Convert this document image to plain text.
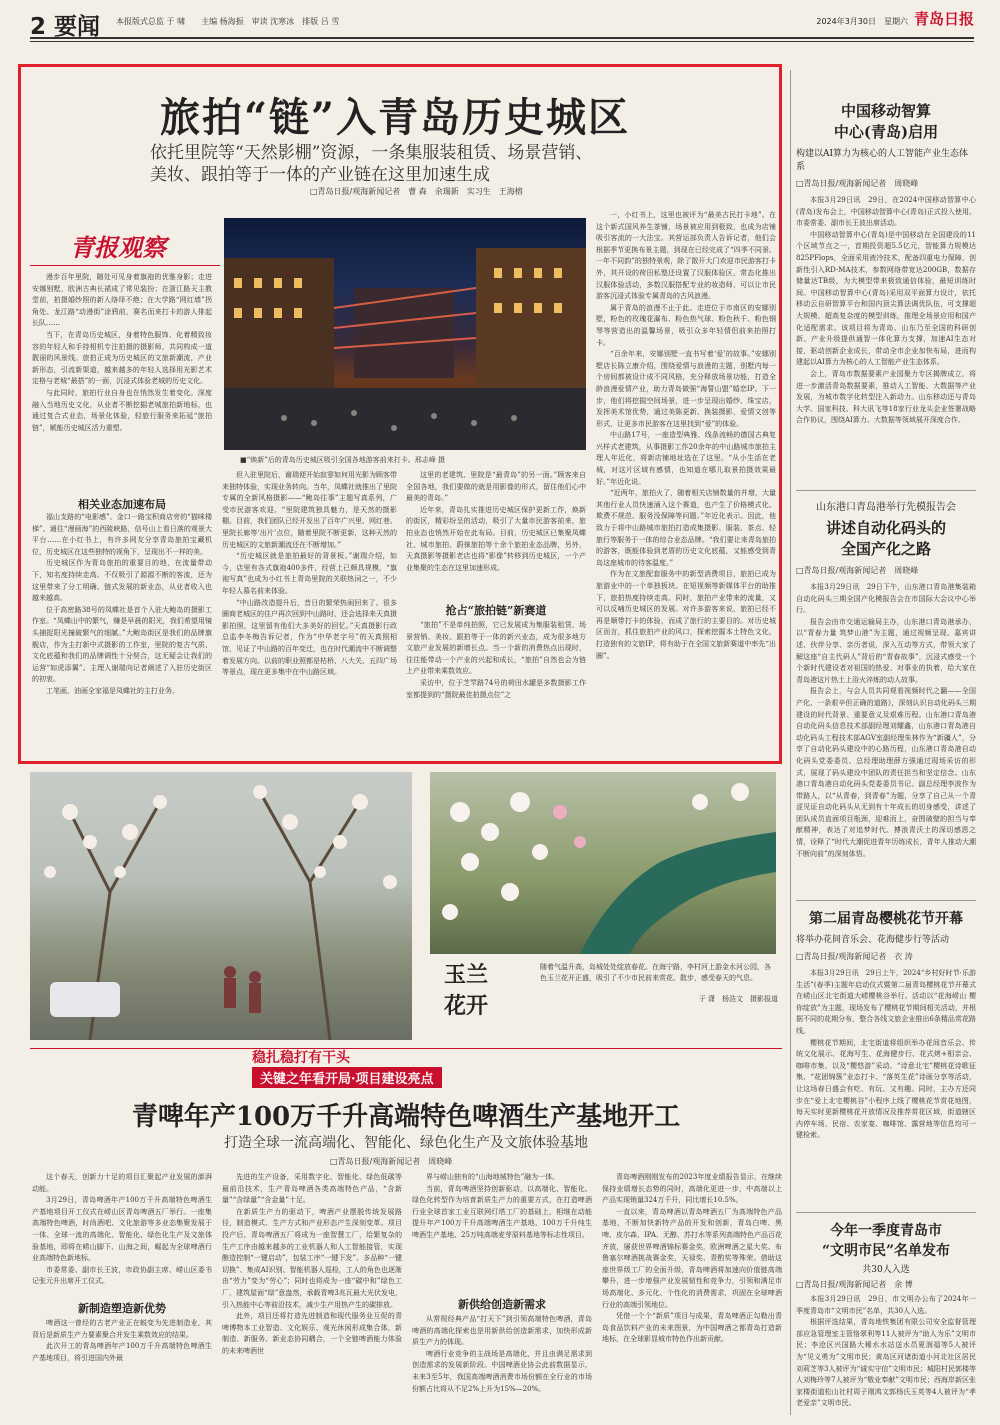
2 要闻 本报版式总监 于 啸　　主编 杨海振　审读 沈寒冰　排版 吕 雪	2024年3月30日　星期六 青岛日报
旅拍“链”入青岛历史城区
依托里院等“天然影棚”资源，一条集服装租赁、场景营销、
美妆、跟拍等于一体的产业链在这里加速生成
□青岛日报/观海新闻记者　曹 森　余瑞新　实习生　王海榕
青报观察

漫步百年里院，随处可见身着旗袍的优雅身影；走进安娜别墅，欧洲古典长裙成了常见装扮；在浙江路天主教堂前，拍摄婚纱照的新人络绎不绝；在大学路“网红墙”拐角处、龙江路“动漫街”涂鸦前，赛名而来打卡的游人排起长队……

当下，在青岛历史城区，身着特色服饰、化着精致妆容的年轻人和手持相机专注拍摄的摄影师，共同构成一道靓丽的风景线。旅拍正成为历史城区的文旅新潮流，产业新形态，引流新渠道，越来越多的年轻人选择用光影艺术定格与老城“最搭”的一面，沉浸式体验老城的历史文化。

与此同时，旅拍行业自身也在悄然发生着变化。深度融入当地历史文化，从业者不断挖掘老城旅拍新地标，也通过复合式业态，场景化体验，轻旅行服务来拓延“旅拍链”，赋能历史城区活力重塑。

相关业态加速布局

福山支路的“电影感”、金口一路宝积商店旁的“猫咪楼梯”、通往“漫画海”的西陵峡路，信号山上看日落的观景大平台……在小红书上，有许多网友分享青岛旅拍宝藏机位，历史城区在这些独特的视角下，呈现出不一样的美。

历史城区作为青岛旅拍的重要目的地，在流量带动下，知名度持续走高。不仅吸引了源源不断的客流，还为这里带来了分工明确、链式发展的新业态，从业者收入也越来越高。

位于高密路38号的凤蝶社是首个入驻大鲍岛的摄影工作室。“凤蝶山中的繁气，赚是早晨的阳光，我们希望用镜头捕捉阳光撞破繁气的细腻。”大鲍岛街区是我们的品牌旗舰店，作为主打新中式摄影的工作室，里院的复古气质、文化底蕴和我们的品牌调性十分契合，这无疑会让我们的运营“如虎添翼”。主理人谢瑞向记者阐述了入驻历史街区的初衷。

工笔画、油画全家福是凤蝶社的主打业务。

■“焕新”后的青岛历史城区吸引全国各地游客前来打卡。邢志峰 摄

但入驻里院后，谢瑞便开始寂寥如何用光影为顾客带来独特体验，实现业务转向。当年，凤蝶社就推出了里院专属的全新风格摄影——“鲍岛往事”主题写真系列，广受市民游客欢迎。“里院建筑独具魅力，是天然的摄影棚。目前，我们团队已经开发出了百年广兴里、网红巷、里院长廊等‘出片’点位，随着里院不断更新，这种天然的历史城区的文旅新潮流还在不断增加。”

“历史城区就是旅拍最好的背景板。”谢瑞介绍，如今，店里有各式旗袍400多件，经营上已颇具规模，“旗袍写真”也成为小红书上青岛里院的关联热词之一，不少年轻人慕名前来体验。

“中山路改造提升后，昔日的繁荣热闹回来了。很多圈商老城区的住户再次回到中山路时，还会选择来天真摄影拍照，这里留有他们大多美好的回忆。”天真摄影行政总监李冬梅告诉记者，作为“中华老字号”的天真照相馆，见证了中山路的百年变迁，也在时代潮流中不断调整着发展方向。以前的职业照都是枯桥、八大关、五四广场等景点，现在更多集中在中山路区域。

这里的老建筑、里院是“最青岛”的另一面。”顾客来自全国各地，我们要做的就是用影像的形式，留住他们心中最美的青岛。”

近年来，青岛扎实推进历史城区保护更新工作，焕新的街区，精彩纷呈的活动，吸引了大量市民游客前来，旅拍业态也悄然开始在此布局。目前，历史城区已集聚凤蝶社、城市旅拍、蔚徕旅拍等十余个旅拍业态品牌，另外，天真摄影等摄影老店也将“影像”转移到历史城区，一个产业集聚的生态在这里加速形成。

抢占“旅拍链”新赛道

“旅拍”不是单纯拍照，它已发展成为集服装租赁、场景营销、美妆、跟拍等于一体的新兴业态，成为很多地方文旅产业发展的新增长点。当一个新的消费热点出现时，往往能带动一个产业的兴起和成长，“旅拍”自然也会为链上产业带来乘数效应。

采访中，位于芝罘路74号的荷田水罐是多数摄影工作室都提到的“摄院最佳拍摄点位”之

一，小红书上，这里也被评为“最美古民打卡地”。在这个新式国风养生茶铺，场景被应用到极致，也成为店铺吸引客流的一大法宝。其营运部负责人告诉记者，他们会根据季节更换布景主题，到现在已经完成了“四季不同景、一年不同韵”的独特景观，除了散开大门欢迎市民游客打卡外，其开设的荷田私塾还设置了汉服体验区，常态化推出汉服体验活动，多数汉服搭配专业的妆造师，可以让市民游客沉浸式体验专属青岛的古风浪漫。

属于青岛的浪漫不止于此。走进位于市南区的安娜别墅，粉色的玫瑰花瀑布、粉色热气球、粉色秋千、粉色钢琴等营造出的温馨场景，吸引众多年轻情侣前来拍照打卡。

“百余年来，安娜别墅一直书写着‘爱’的故事。”安娜别墅店长陈立康介绍，围绕爱情与浪漫的主题，别墅内每一个房间都被设计成不同风格，充分释放场景功能，打造全龄浪漫爱情产业，助力青岛做强“海誓山盟”婚恋IP。下一步，他们将挖掘空间场景，进一步呈现出婚纱、珠宝店，发挥美术馆优势，通过美陈更新、换装摄影，爱情文创等形式，让更多市民游客在这里找到“爱”的体验。

中山路17号，一座造型典雅、线条流畅的德国古典复兴样式老建筑，从事摄影工作20余年的中山路城市旅拍主理人年近化，将新店铺地址选在了这里。“从小生活在老城，对这片区域有感情，也知道在哪儿取景拍摄效果最好。”年近化说。

“近两年，旅拍火了，随着相关店铺数量的并增，大量其他行业人员快速涌入这个赛道，也产生了价格模式化、欺费不规范、服务没保障等问题。”年近化表示。因此，他致力于将中山路城市旅拍打造成集摄影、服装、茶点、轻旅行等服务于一体的综合业态品牌。“我们要让来青岛旅拍的游客，既能体验到老厝的历史文化底蕴，又能感受到青岛这座城市的待客温度。”

作为在文旅配套服务中的新型消费项目，旅拍已成为旅游业中的一个单独板块。在短视频等新媒体平台的助推下，旅拍热度持续走高。同时，旅拍产业带来的流量，又可以反哺历史城区的发展。对许多游客来说，旅拍已经不再是顺带打卡的体验，而成了旅行的主要目的。对历史城区而言，抓住旅拍产业的风口，探索挖掘本土特色文化，打造独有的文旅IP，将有助于在全国文旅新赛道中率先“出圈”。

中国移动智算
中心(青岛)启用
构建以AI算力为核心的人工智能产业生态体系
□青岛日报/观海新闻记者　周晓峰

本报3月29日讯　29日，在2024中国移动智算中心(青岛)发布会上，中国移动智算中心(青岛)正式投入使用。市委常委、副市长王波出席活动。

中国移动智算中心(青岛)是中国移动在全国建设的11个区域节点之一，首期投资超5.5亿元，智能算力规模达825PFlops，全面采用液冷技术，配备四重电力保障，创新性引入RD-MA技术，参数网络带宽达200GB，数据存储量达TB级，为大模型带来极致通信体验，最短训练时间。中国移动智算中心(青岛)采用双平面算力设计，依托移动云自研智算平台和国内顶尖算法调优队伍，可支撑超大规模、超高复杂度的模型训练，推理全场景应用和国产化适配需求。该项目将为青岛、山东乃至全国的科研创新、产业升级提供通智一体化算力支撑，加速AI生态对接，驱动创新企业成长，带动全市企业加快布局，进而构建起以AI算力为核心的人工智能产业生态体系。

会上，青岛市数据要素产业园聚力专区揭牌成立，将进一步激活青岛数据要素，推动人工智能、大数据等产业发展，为城市数字化转型注入新动力。山东移动还与青岛大学、国家科技、科大讯飞等18家行业龙头企业签署战略合作协议，围绕AI算力、大数据等领域展开深度合作。

山东港口青岛港举行先模报告会
讲述自动化码头的
全国产化之路
□青岛日报/观海新闻记者　周晓峰

本报3月29日讯　29日下午，山东港口青岛港集装箱自动化码头三期全国产化模报告会在市国际大会议中心举行。

报告会由市交通运输局主办，山东港口青岛港承办，以“青春力量 筑梦山港”为主题，通过视频呈现、嘉宾讲述、伙伴分享、亲历者说，深入互动等方式，带领大家了解这座“自主代码人”背后的“青春故事”，沉浸式感受一个个新时代建设者对祖国的热爱、对事业的执着，给大家在青岛港这片热土上浴火淬炼的动人故事。

报告会上，与会人员共同观看视频时代之翻——全国产化、一条艰辛但正确的道路》，深刻认识自动化码头三期建设的时代背景、重要意义及艰难历程。山东港口青岛港自动化码头信息技术部副经理刘耀鑫，山东港口青岛港自动化码头工程技术部AGV室副经理朱林作为“新疆人”，分享了自动化码头建设中的心路历程，山东港口青岛港自动化码头党委委员、总经理助理薛方强通过现场采访的形式，展现了码头建设中团队的责任担当和坚定信念。山东港口青岛港自动化码头党委委员书记、副总经理李波作为带路人，以“从青春，到青春”为题，分享了自己从一个青涩见证自动化码头从无到有十年成长的切身感受，讲述了团队成员直面项目瓶颈，迎难而上，奋围破壁的担当与奉献精神，表达了对追梦时代、搏浪青沃土的深切感恩之情，诠释了“时代大潮促进青年历练成长，青年人推动大潮不断向前”的深刻体悟。

第二届青岛樱桃花节开幕
将举办花间音乐会、花海健步行等活动
□青岛日报/观海新闻记者　衣 涛

本报3月29日讯　29日上午，2024“乡村好时节·乐游生活”(春季)主题年启动仪式暨第二届青岛樱桃花节开幕式在崂山区北宅街道大崂樱桃谷举行。活动以“花海崂山 樱你绽放”为主题，现场发布了樱桃花节期间相关活动，并根据不同的花期分布，整合各线文旅企业推出6条精品赏花路线。

樱桃花节期间，北宅街道将组织举办花间音乐会、传统文化展示、花海写生、花海健步行、花式烤+相亲会、咖啡市集、以及“樱悠游”采动、“诗意北宅”樱桃花诗歌征集、“花团锦簇”业态打卡、“落英生花”诗画分享等活动，让这场春日盛会有吃、有玩、又有趣。同时，主办方还同步在“爱上北宅樱桃谷”小程序上线了樱桃花节赏花地图，每天实时更新樱桃花开放情况及推荐赏花区域，街道辖区内停车场、民宿、农家宴、咖啡馆、露营地等信息均可一键检索。

今年一季度青岛市
“文明市民”名单发布
共30人入选
□青岛日报/观海新闻记者　余 博

本报3月29日讯　29日，市文明办公布了2024年一季度青岛市“文明市民”名单，共30人入选。

根据评选结果，青岛地铁集团有限公司安全监督管理部应急管理室主管恪翠利等11人被评为“助人为乐”文明市民；李沧区兴国路大稀水水站送水员夏润福等5人被评为“见义勇为”文明市民；黄岛区河诸街道小河北社区居民刘莉芝等3人被评为“诚实守信”文明市民；城阳村民郭楼等人刘梅玲等7人被评为“敬业奉献”文明市民；西海岸新区张家楼街道松山社村周子刚鸿文郭杨氏玉英等4人被评为“孝老爱亲”文明市民。

玉兰
花开
随着气温升高，岛城处处绽放春花。在海宁路，李村河上游金水河公园，各色玉兰花开正盛，吸引了不少市民前来赏花、散步，感受春天的气息。
于 潇　杨浩文　摄影报道
稳扎稳打有干头
关键之年看开局·项目建设亮点
青啤年产100万千升高端特色啤酒生产基地开工
打造全球一流高端化、智能化、绿色化生产及文旅体验基地
□青岛日报/观海新闻记者　周晓峰

这个春天，创新力十足的项目汇聚起产业发展的澎湃动能。

3月29日，青岛啤酒年产100万千升高端特色啤酒生产基地项目开工仪式在崂山区青岛啤酒五厂举行。一座集高端特色啤酒，时尚酒吧、文化旅游等多业态集聚发展于一体、全球一流的高端化、智能化、绿色化生产及文旅体验基地，即将在崂山脚下、山海之间，崛起为全球啤酒行业高端特色新地标。

市委常委、副市长王波，市政协副主席、崂山区委书记张元升出席开工仪式。

新制造塑造新优势

啤酒这一曾经的古老产业正在蜕变为先进制造业，其背后是新质生产力要素聚合并发生乘数效应的结果。

此次开工的青岛啤酒年产100万千升高端特色啤酒生产基地项目，将引进国内外最

先进的生产设备，采用数字化、智能化、绿色低碳等最前沿技术，生产青岛啤酒各类高端特色产品，“含新量”“含绿量”“含金量”十足。

在新质生产力的驱动下，啤酒产业摆脱传统发展路径，制造模式、生产方式和产业形态产生深刻变革。项目投产后，青岛啤酒五厂将成为一座智慧工厂，给繁复杂的生产工序由越来越多的工业机器人和人工智能接管，实现酿造控制“一键启动”，包装工序“一键下发”、多品种“一键切换”、集成AI识别、智能机器人巡检，工人的角色也逐渐由“劳力”变为“劳心”；同时也将成为一座“碳中和”绿色工厂，建筑屋面“绿”意盎然，承载青啤3兆瓦最大光伏发电，引入热能中心等前沿技术，减少生产用热产生的碳排放。

此外，项目还将打造先进制造和现代服务业互促的青啤博物本工业智造、文化娱乐、观光休闲形成集合体，新制造、新服务、新业态协同耦合，一个全链啤酒能力体验的未来啤酒世

界与崂山独有的“山海地城特色”融为一体。

当前，青岛啤酒坚持创新驱动，以高端化、智能化、绿色化转型作为培育新质生产力的重要方式，在打造啤酒行业全球首家工业互联网灯塔工厂的基础上，相继在动能提升年产100万千升高端啤酒生产基地、100万千升纯生啤酒生产基地、25万吨高端麦芽原料基地等标志性项目。

新供给创造新需求

从常规经典产品“打天下”到引领高端特色啤酒，青岛啤酒的高端化探索也是用新供给创造新需求，加快形成新质生产力的体现。

啤酒行业竞争的主战场是高端化，并且由满足需求到创造需求的发展新阶段。中国啤酒业协会此前数据显示，未来3至5年，我国高端啤酒消费市场份额在全行业的市场份额占比将从不足2%上升为15%—20%。

青岛啤酒刚刚发布的2023年度业绩报告显示，在继续保持业绩增长态势的同时，高端化更进一步，中高端以上产品实现销量324万千升，同比增长10.5%。

一直以来，青岛啤酒以青岛啤酒五厂为高端特色产品基地，不断加快新特产品的开发和创新，青岛白啤、黑啤、皮尔森、IPA、无醇、苏打水等系列高端特色产品百花齐放，屡获世界啤酒锦标赛金奖，欧洲啤酒之星大奖、布鲁塞尔啤酒挑战赛金奖，天禄奖、青酌奖等殊荣。借助这座世界级工厂的全面升级，青岛啤酒将加速向价值链高端攀升，进一步增强产业发展韧性和竞争力，引领和满足市场高端化、多元化、个性化的消费需求，巩固在全球啤酒行业的高端引领地位。

凭借一个个“新质”项目与成果，青岛啤酒正勾勒出青岛食品饮料产业的未来图景，为中国啤酒之都青岛打造新地标，在全球影显城市特色作出新贡献。
